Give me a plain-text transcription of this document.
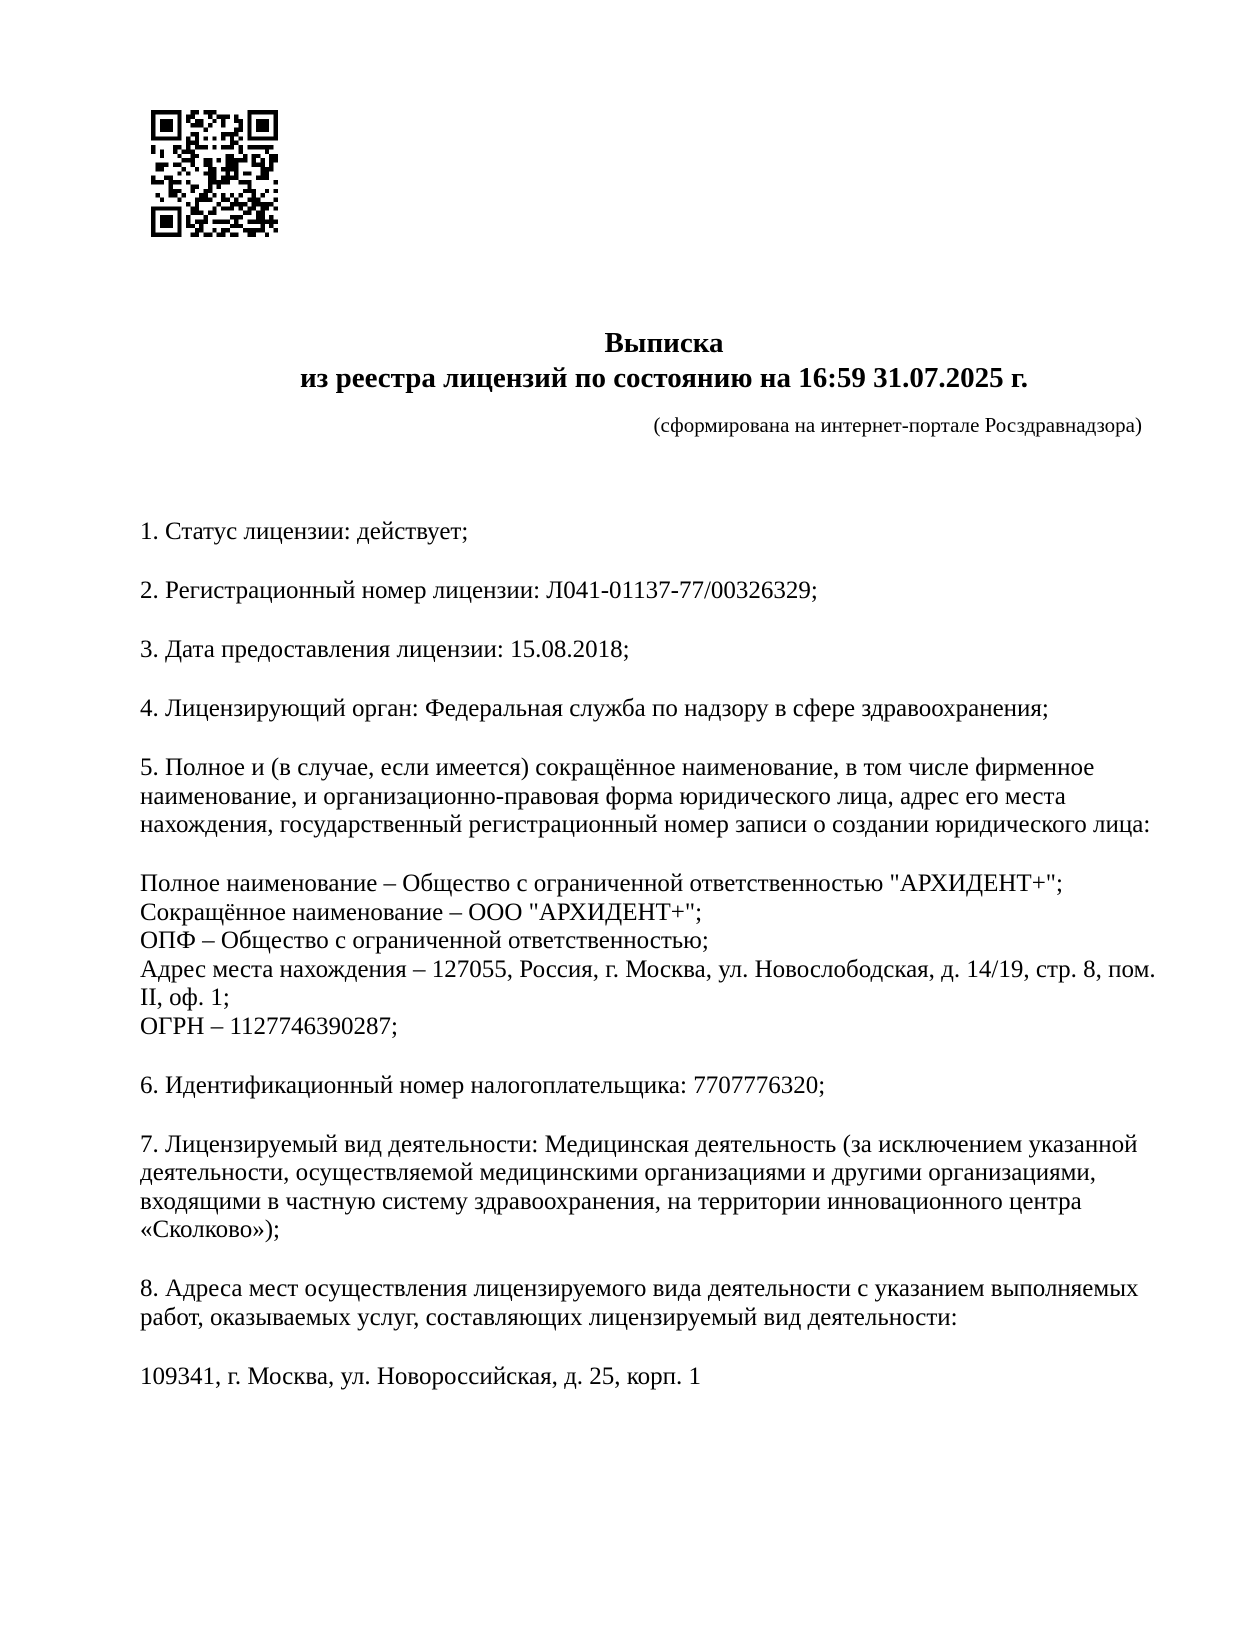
Выписка
из реестра лицензий по состоянию на 16:59 31.07.2025 г.
(сформирована на интернет-портале Росздравнадзора)
1. Статус лицензии: действует;
2. Регистрационный номер лицензии: Л041-01137-77/00326329;
3. Дата предоставления лицензии: 15.08.2018;
4. Лицензирующий орган: Федеральная служба по надзору в сфере здравоохранения;
5. Полное и (в случае, если имеется) сокращённое наименование, в том числе фирменное
наименование, и организационно-правовая форма юридического лица, адрес его места
нахождения, государственный регистрационный номер записи о создании юридического лица:
Полное наименование – Общество с ограниченной ответственностью "АРХИДЕНТ+";
Сокращённое наименование – ООО "АРХИДЕНТ+";
ОПФ – Общество с ограниченной ответственностью;
Адрес места нахождения – 127055, Россия, г. Москва, ул. Новослободская, д. 14/19, стр. 8, пом.
II, оф. 1;
ОГРН – 1127746390287;
6. Идентификационный номер налогоплательщика: 7707776320;
7. Лицензируемый вид деятельности: Медицинская деятельность (за исключением указанной
деятельности, осуществляемой медицинскими организациями и другими организациями,
входящими в частную систему здравоохранения, на территории инновационного центра
«Сколково»);
8. Адреса мест осуществления лицензируемого вида деятельности с указанием выполняемых
работ, оказываемых услуг, составляющих лицензируемый вид деятельности:
109341, г. Москва, ул. Новороссийская, д. 25, корп. 1
